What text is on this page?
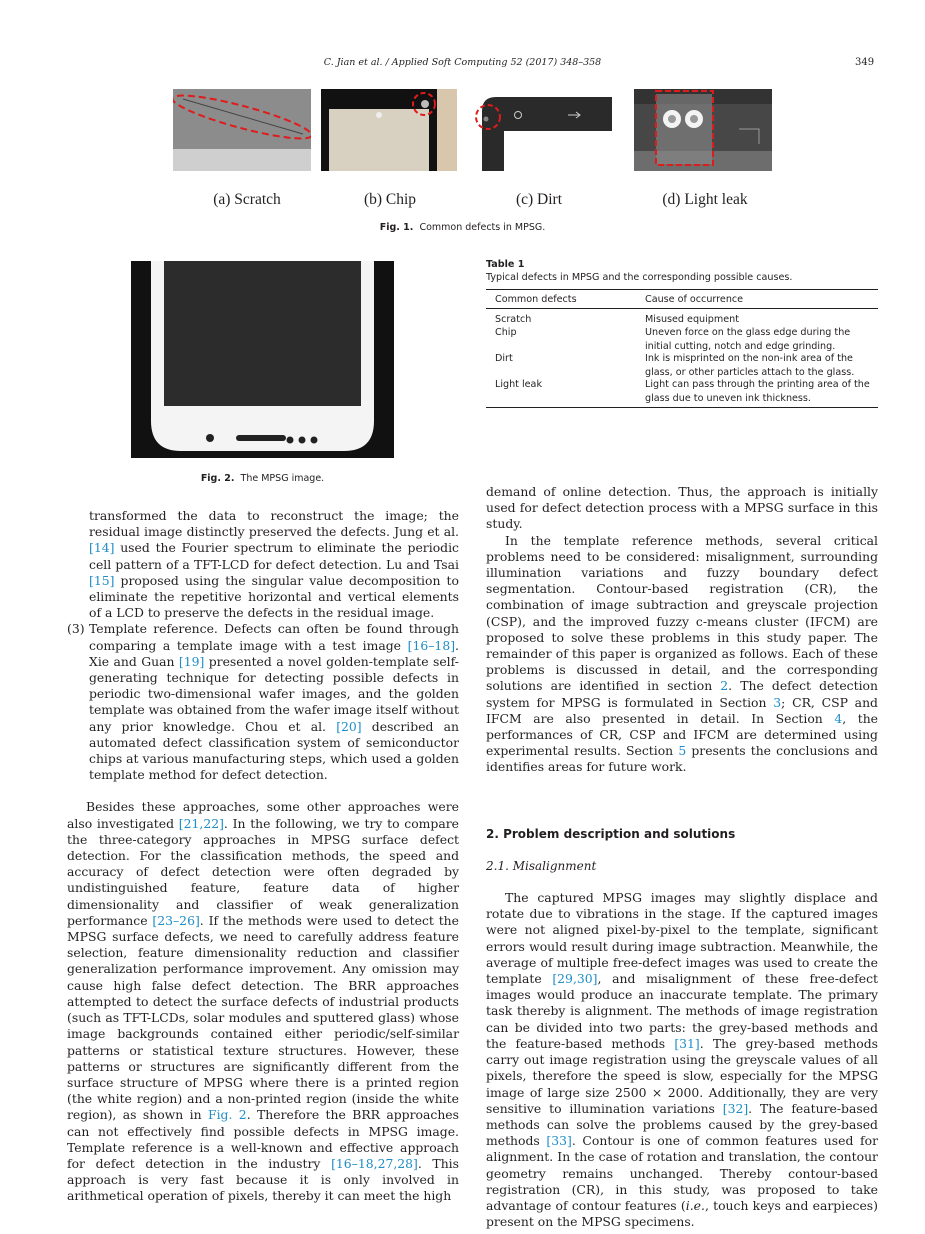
C. Jian et al. / Applied Soft Computing 52 (2017) 348–358	349
(a) Scratch	(b) Chip	(c) Dirt	(d) Light leak
Fig. 1. Common defects in MPSG.
Fig. 2. The MPSG image.
Table 1
Typical defects in MPSG and the corresponding possible causes.
Common defects	Cause of occurrence
Scratch	Misused equipment
Chip	Uneven force on the glass edge during the initial cutting, notch and edge grinding.
Dirt	Ink is misprinted on the non-ink area of the glass, or other particles attach to the glass.
Light leak	Light can pass through the printing area of the glass due to uneven ink thickness.

transformed the data to reconstruct the image; the residual image distinctly preserved the defects. Jung et al. [14] used the Fourier spectrum to eliminate the periodic cell pattern of a TFT-LCD for defect detection. Lu and Tsai [15] proposed using the singular value decomposition to eliminate the repetitive horizontal and vertical elements of a LCD to preserve the defects in the residual image.

(3) Template reference. Defects can often be found through comparing a template image with a test image [16–18]. Xie and Guan [19] presented a novel golden-template self-generating technique for detecting possible defects in periodic two-dimensional wafer images, and the golden template was obtained from the wafer image itself without any prior knowledge. Chou et al. [20] described an automated defect classification system of semiconductor chips at various manufacturing steps, which used a golden template method for defect detection.

Besides these approaches, some other approaches were also investigated [21,22]. In the following, we try to compare the three-category approaches in MPSG surface defect detection. For the classification methods, the speed and accuracy of defect detection were often degraded by undistinguished feature, feature data of higher dimensionality and classifier of weak generalization performance [23–26]. If the methods were used to detect the MPSG surface defects, we need to carefully address feature selection, feature dimensionality reduction and classifier generalization performance improvement. Any omission may cause high false defect detection. The BRR approaches attempted to detect the surface defects of industrial products (such as TFT-LCDs, solar modules and sputtered glass) whose image backgrounds contained either periodic/self-similar patterns or statistical texture structures. However, these patterns or structures are significantly different from the surface structure of MPSG where there is a printed region (the white region) and a non-printed region (inside the white region), as shown in Fig. 2. Therefore the BRR approaches can not effectively find possible defects in MPSG image. Template reference is a well-known and effective approach for defect detection in the industry [16–18,27,28]. This approach is very fast because it is only involved in arithmetical operation of pixels, thereby it can meet the high

demand of online detection. Thus, the approach is initially used for defect detection process with a MPSG surface in this study.

In the template reference methods, several critical problems need to be considered: misalignment, surrounding illumination variations and fuzzy boundary defect segmentation. Contour-based registration (CR), the combination of image subtraction and greyscale projection (CSP), and the improved fuzzy c-means cluster (IFCM) are proposed to solve these problems in this study paper. The remainder of this paper is organized as follows. Each of these problems is discussed in detail, and the corresponding solutions are identified in section 2. The defect detection system for MPSG is formulated in Section 3; CR, CSP and IFCM are also presented in detail. In Section 4, the performances of CR, CSP and IFCM are determined using experimental results. Section 5 presents the conclusions and identifies areas for future work.

2. Problem description and solutions
2.1. Misalignment

The captured MPSG images may slightly displace and rotate due to vibrations in the stage. If the captured images were not aligned pixel-by-pixel to the template, significant errors would result during image subtraction. Meanwhile, the average of multiple free-defect images was used to create the template [29,30], and misalignment of these free-defect images would produce an inaccurate template. The primary task thereby is alignment. The methods of image registration can be divided into two parts: the grey-based methods and the feature-based methods [31]. The grey-based methods carry out image registration using the greyscale values of all pixels, therefore the speed is slow, especially for the MPSG image of large size 2500 × 2000. Additionally, they are very sensitive to illumination variations [32]. The feature-based methods can solve the problems caused by the grey-based methods [33]. Contour is one of common features used for alignment. In the case of rotation and translation, the contour geometry remains unchanged. Thereby contour-based registration (CR), in this study, was proposed to take advantage of contour features (i.e., touch keys and earpieces) present on the MPSG specimens.
